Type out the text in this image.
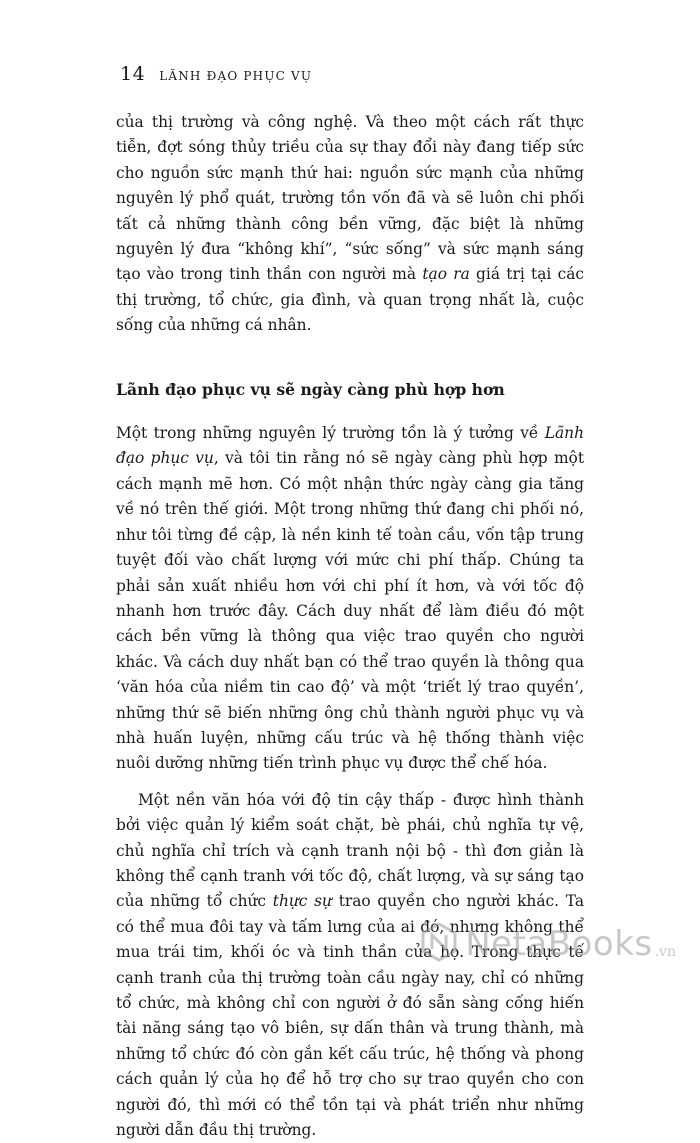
14 LÃNH ĐẠO PHỤC VỤ

của thị trường và công nghệ. Và theo một cách rất thực tiễn, đợt sóng thủy triều của sự thay đổi này đang tiếp sức cho nguồn sức mạnh thứ hai: nguồn sức mạnh của những nguyên lý phổ quát, trường tồn vốn đã và sẽ luôn chi phối tất cả những thành công bền vững, đặc biệt là những nguyên lý đưa “không khí”, “sức sống” và sức mạnh sáng tạo vào trong tinh thần con người mà tạo ra giá trị tại các thị trường, tổ chức, gia đình, và quan trọng nhất là, cuộc sống của những cá nhân.

Lãnh đạo phục vụ sẽ ngày càng phù hợp hơn

Một trong những nguyên lý trường tồn là ý tưởng về Lãnh đạo phục vụ, và tôi tin rằng nó sẽ ngày càng phù hợp một cách mạnh mẽ hơn. Có một nhận thức ngày càng gia tăng về nó trên thế giới. Một trong những thứ đang chi phối nó, như tôi từng đề cập, là nền kinh tế toàn cầu, vốn tập trung tuyệt đối vào chất lượng với mức chi phí thấp. Chúng ta phải sản xuất nhiều hơn với chi phí ít hơn, và với tốc độ nhanh hơn trước đây. Cách duy nhất để làm điều đó một cách bền vững là thông qua việc trao quyền cho người khác. Và cách duy nhất bạn có thể trao quyền là thông qua ‘văn hóa của niềm tin cao độ’ và một ‘triết lý trao quyền’, những thứ sẽ biến những ông chủ thành người phục vụ và nhà huấn luyện, những cấu trúc và hệ thống thành việc nuôi dưỡng những tiến trình phục vụ được thể chế hóa.

Một nền văn hóa với độ tin cậy thấp - được hình thành bởi việc quản lý kiểm soát chặt, bè phái, chủ nghĩa tự vệ, chủ nghĩa chỉ trích và cạnh tranh nội bộ - thì đơn giản là không thể cạnh tranh với tốc độ, chất lượng, và sự sáng tạo của những tổ chức thực sự trao quyền cho người khác. Ta có thể mua đôi tay và tấm lưng của ai đó, nhưng không thể mua trái tim, khối óc và tinh thần của họ. Trong thực tế cạnh tranh của thị trường toàn cầu ngày nay, chỉ có những tổ chức, mà không chỉ con người ở đó sẵn sàng cống hiến tài năng sáng tạo vô biên, sự dấn thân và trung thành, mà những tổ chức đó còn gắn kết cấu trúc, hệ thống và phong cách quản lý của họ để hỗ trợ cho sự trao quyền cho con người đó, thì mới có thể tồn tại và phát triển như những người dẫn đầu thị trường.

NetaBooks .vn
